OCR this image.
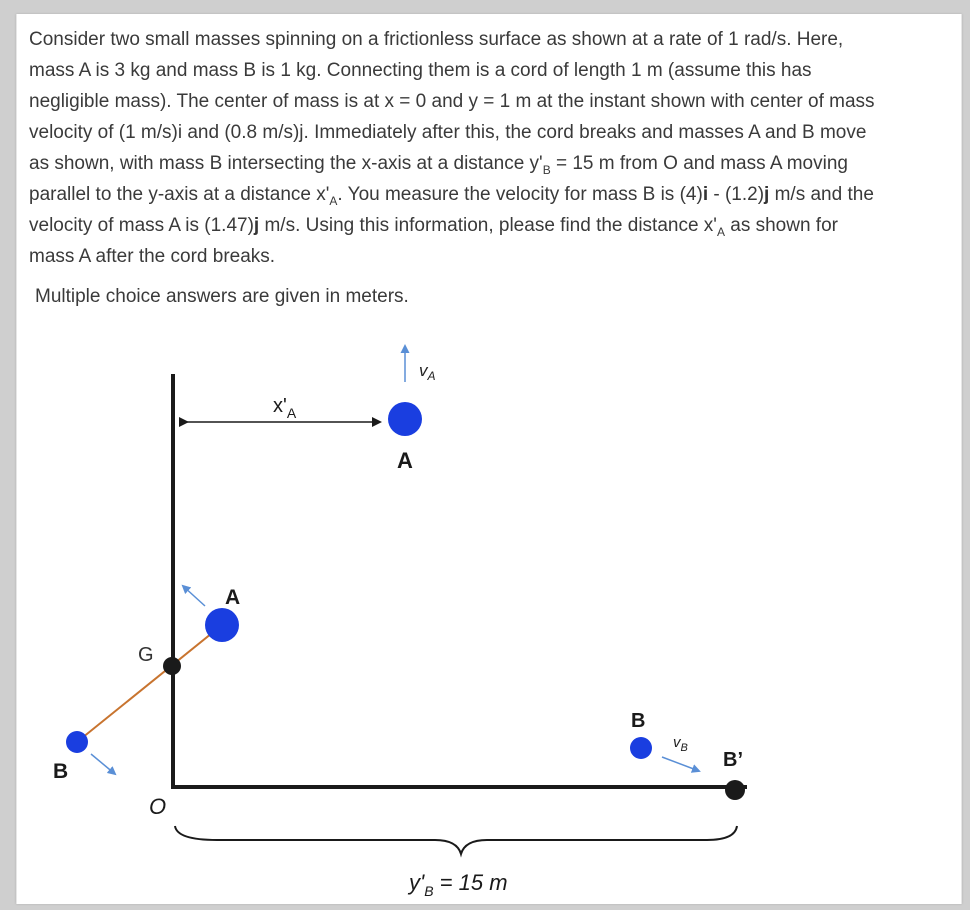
Consider two small masses spinning on a frictionless surface as shown at a rate of 1 rad/s. Here,
mass A is 3 kg and mass B is 1 kg. Connecting them is a cord of length 1 m (assume this has
negligible mass). The center of mass is at x = 0 and y = 1 m at the instant shown with center of mass
velocity of (1 m/s)i and (0.8 m/s)j. Immediately after this, the cord breaks and masses A and B move
as shown, with mass B intersecting the x-axis at a distance $y'_B = 15$ m from O and mass A moving
parallel to the y-axis at a distance $x'_A$. You measure the velocity for mass B is (4)i - (1.2)j m/s and the
velocity of mass A is (1.47)j m/s. Using this information, please find the distance $x'_A$ as shown for
mass A after the cord breaks.
Multiple choice answers are given in meters.
$x'_A$
$v_A$
A
A
G
B
O
B
$v_B$
B’
$y'_B = 15$ m
